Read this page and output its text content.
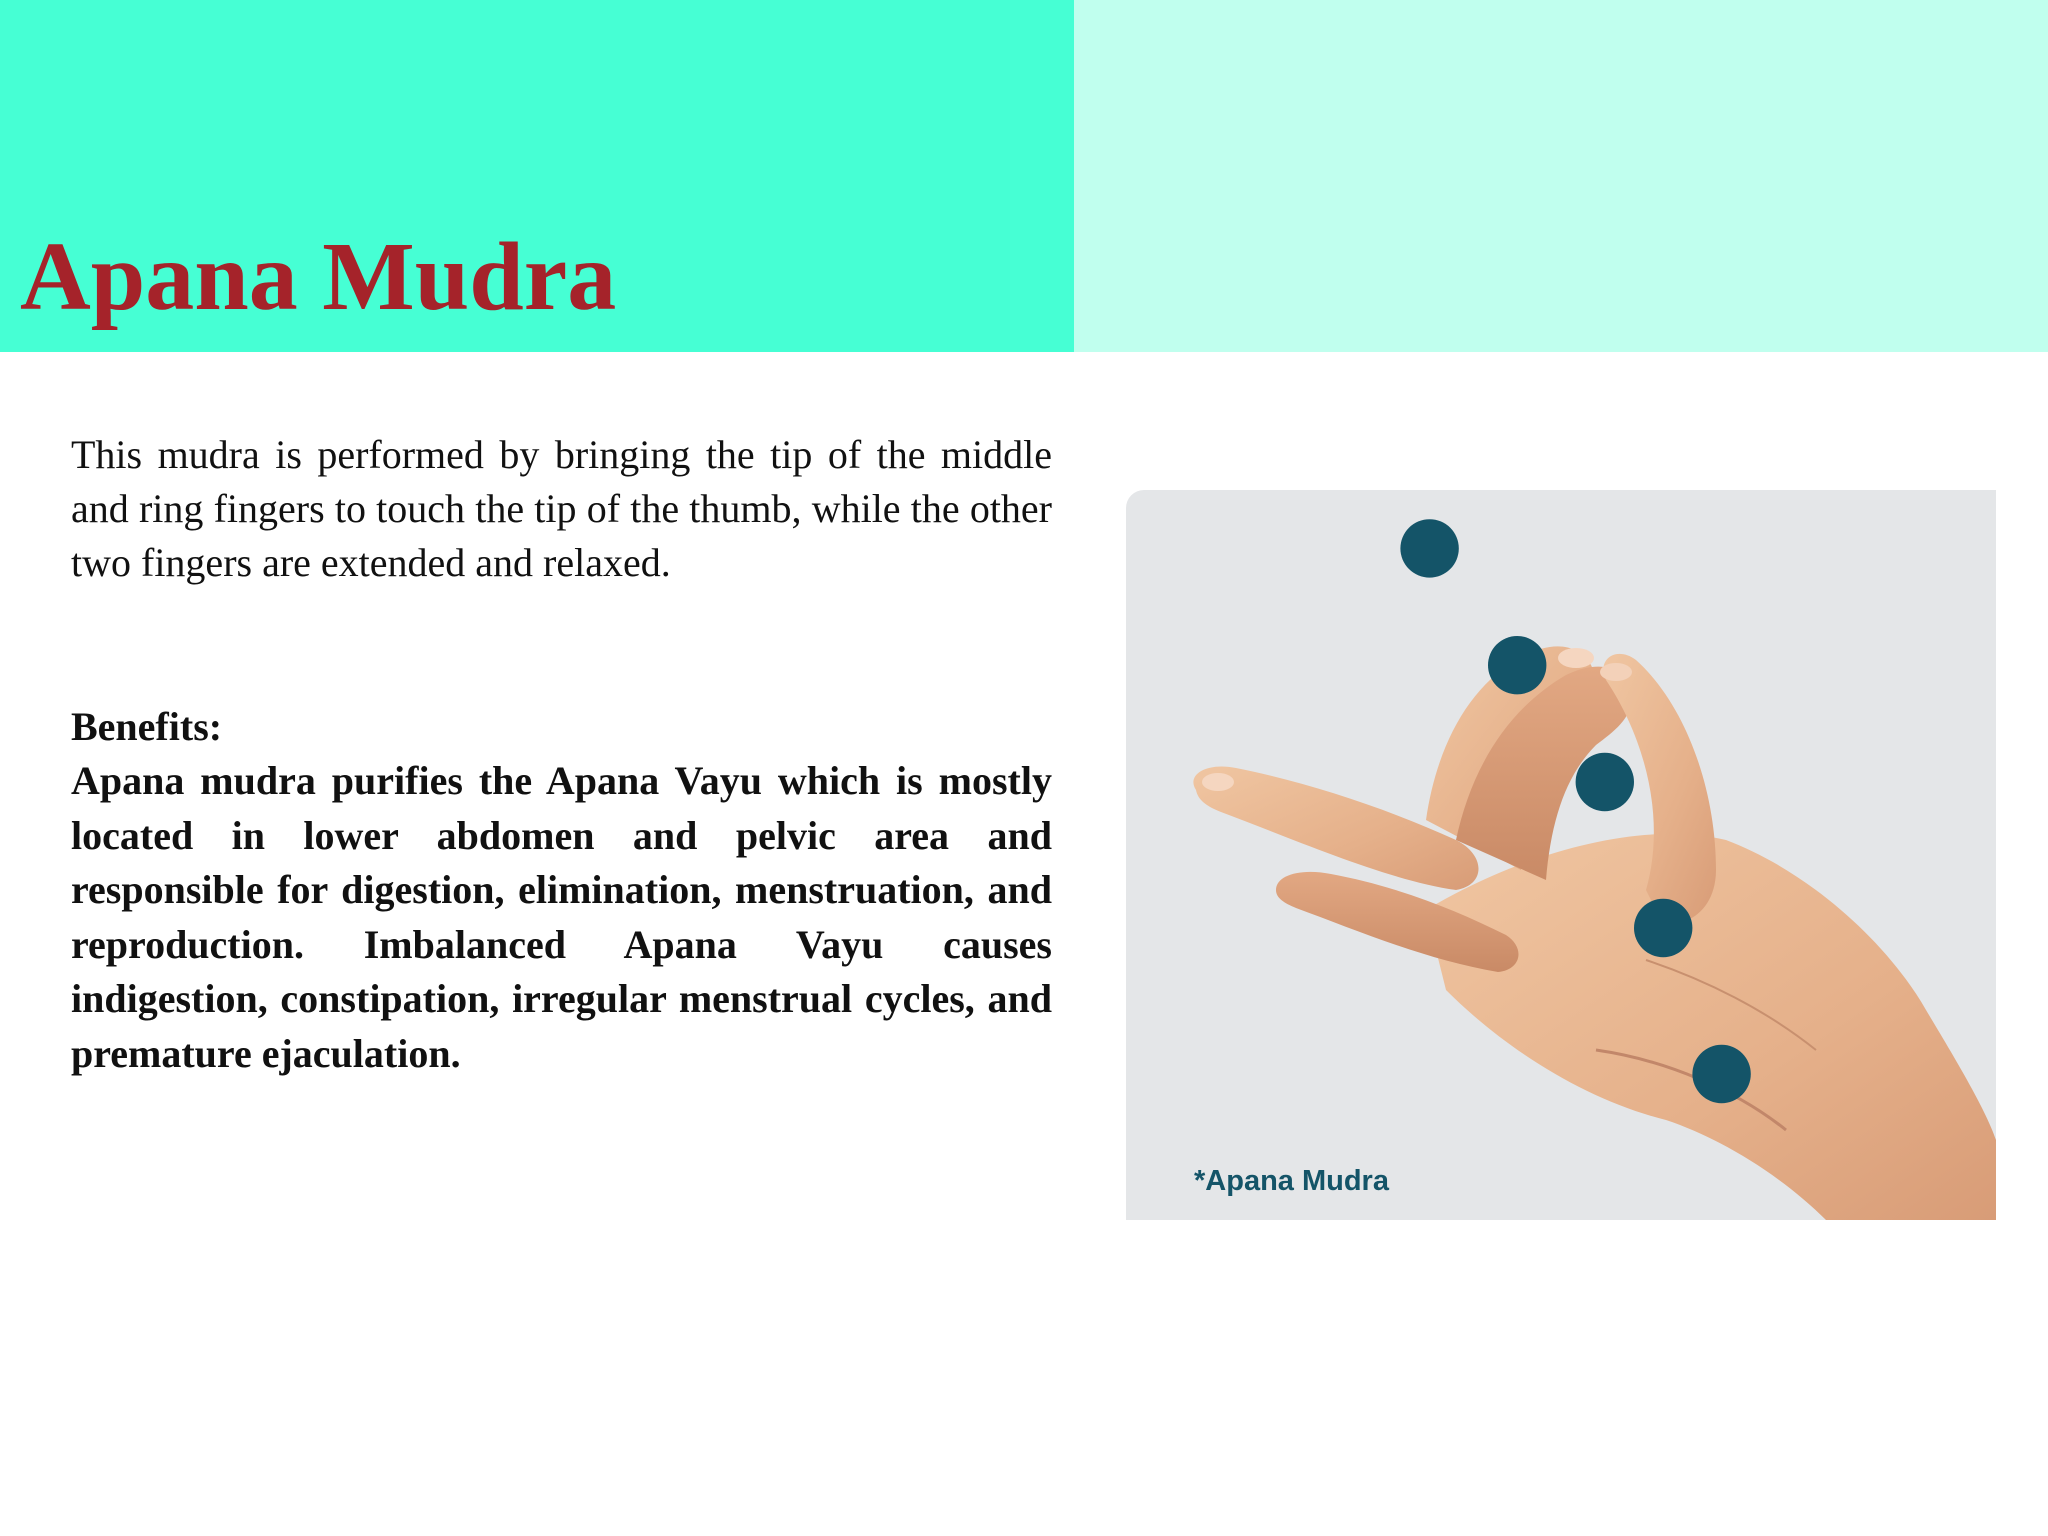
Apana Mudra

This mudra is performed by bringing the tip of the middle and ring fingers to touch the tip of the thumb, while the other two fingers are extended and relaxed.

Benefits:

Apana mudra purifies the Apana Vayu which is mostly located in lower abdomen and pelvic area and responsible for digestion, elimination, menstruation, and reproduction. Imbalanced Apana Vayu causes indigestion, constipation, irregular menstrual cycles, and premature ejaculation.

*Apana Mudra
